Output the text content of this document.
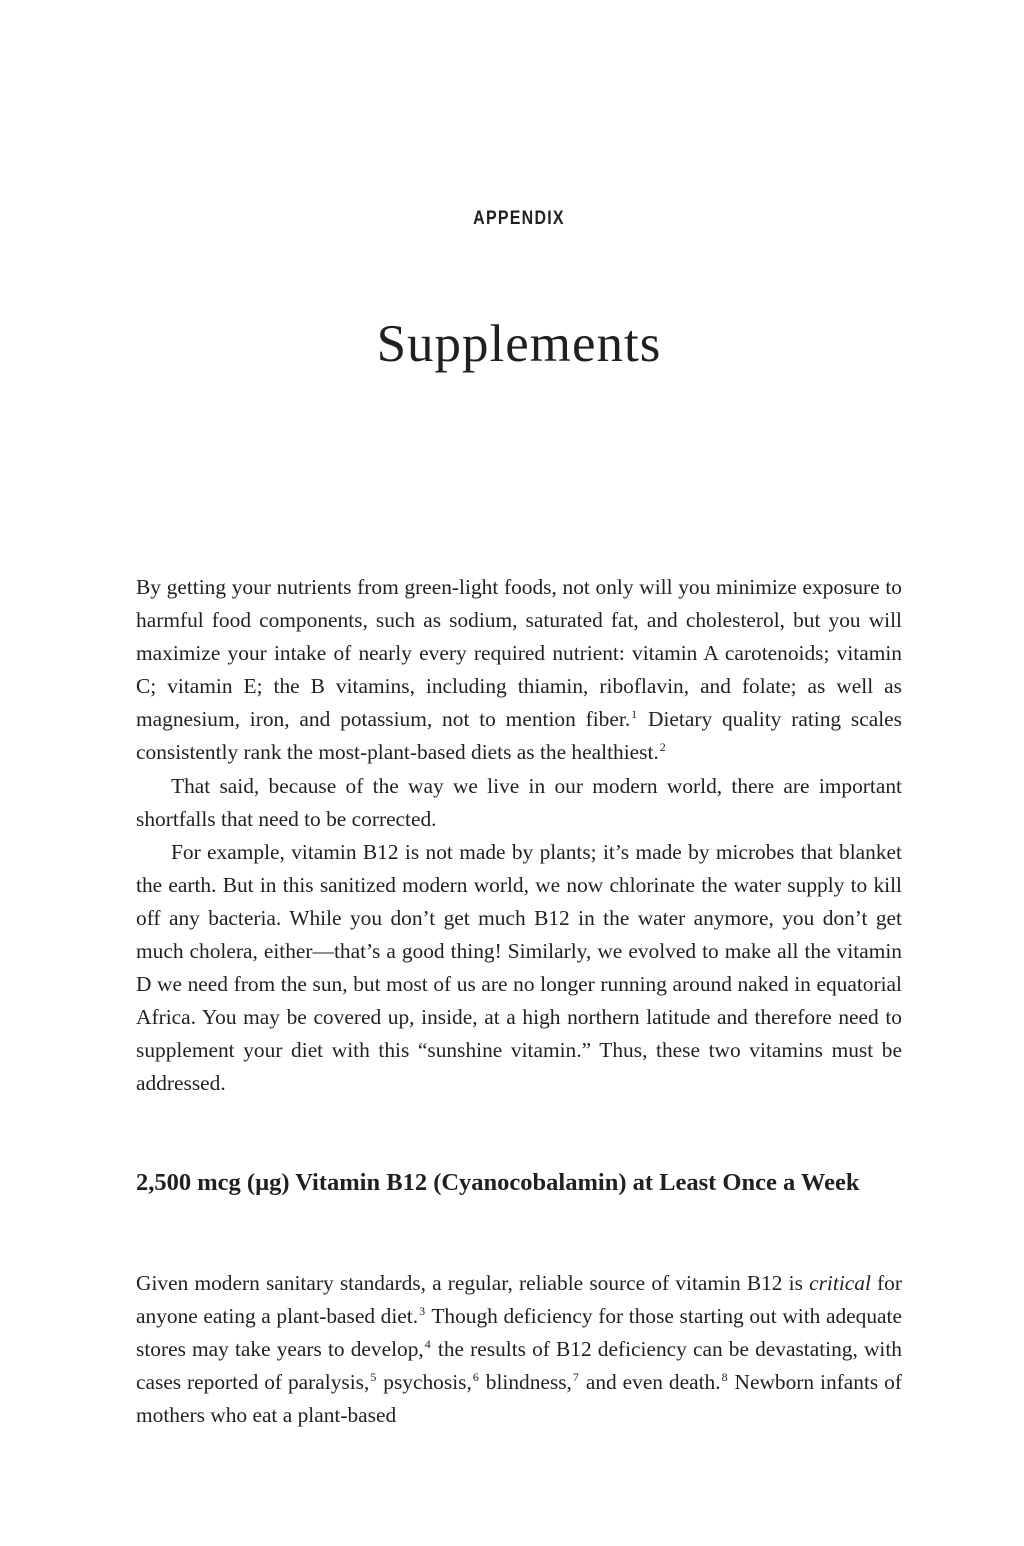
APPENDIX
Supplements

By getting your nutrients from green-light foods, not only will you minimize exposure to harmful food components, such as sodium, saturated fat, and cholesterol, but you will maximize your intake of nearly every required nutrient: vitamin A carotenoids; vitamin C; vitamin E; the B vitamins, including thiamin, riboflavin, and folate; as well as magnesium, iron, and potassium, not to mention fiber.$^1$ Dietary quality rating scales consistently rank the most-plant-based diets as the healthiest.$^2$

That said, because of the way we live in our modern world, there are important shortfalls that need to be corrected.

For example, vitamin B12 is not made by plants; it’s made by microbes that blanket the earth. But in this sanitized modern world, we now chlorinate the water supply to kill off any bacteria. While you don’t get much B12 in the water anymore, you don’t get much cholera, either—that’s a good thing! Similarly, we evolved to make all the vitamin D we need from the sun, but most of us are no longer running around naked in equatorial Africa. You may be covered up, inside, at a high northern latitude and therefore need to supplement your diet with this “sunshine vitamin.” Thus, these two vitamins must be addressed.

2,500 mcg (µg) Vitamin B12 (Cyanocobalamin) at Least Once a Week

Given modern sanitary standards, a regular, reliable source of vitamin B12 is critical for anyone eating a plant-based diet.$^3$ Though deficiency for those starting out with adequate stores may take years to develop,$^4$ the results of B12 deficiency can be devastating, with cases reported of paralysis,$^5$ psychosis,$^6$ blindness,$^7$ and even death.$^8$ Newborn infants of mothers who eat a plant-based
